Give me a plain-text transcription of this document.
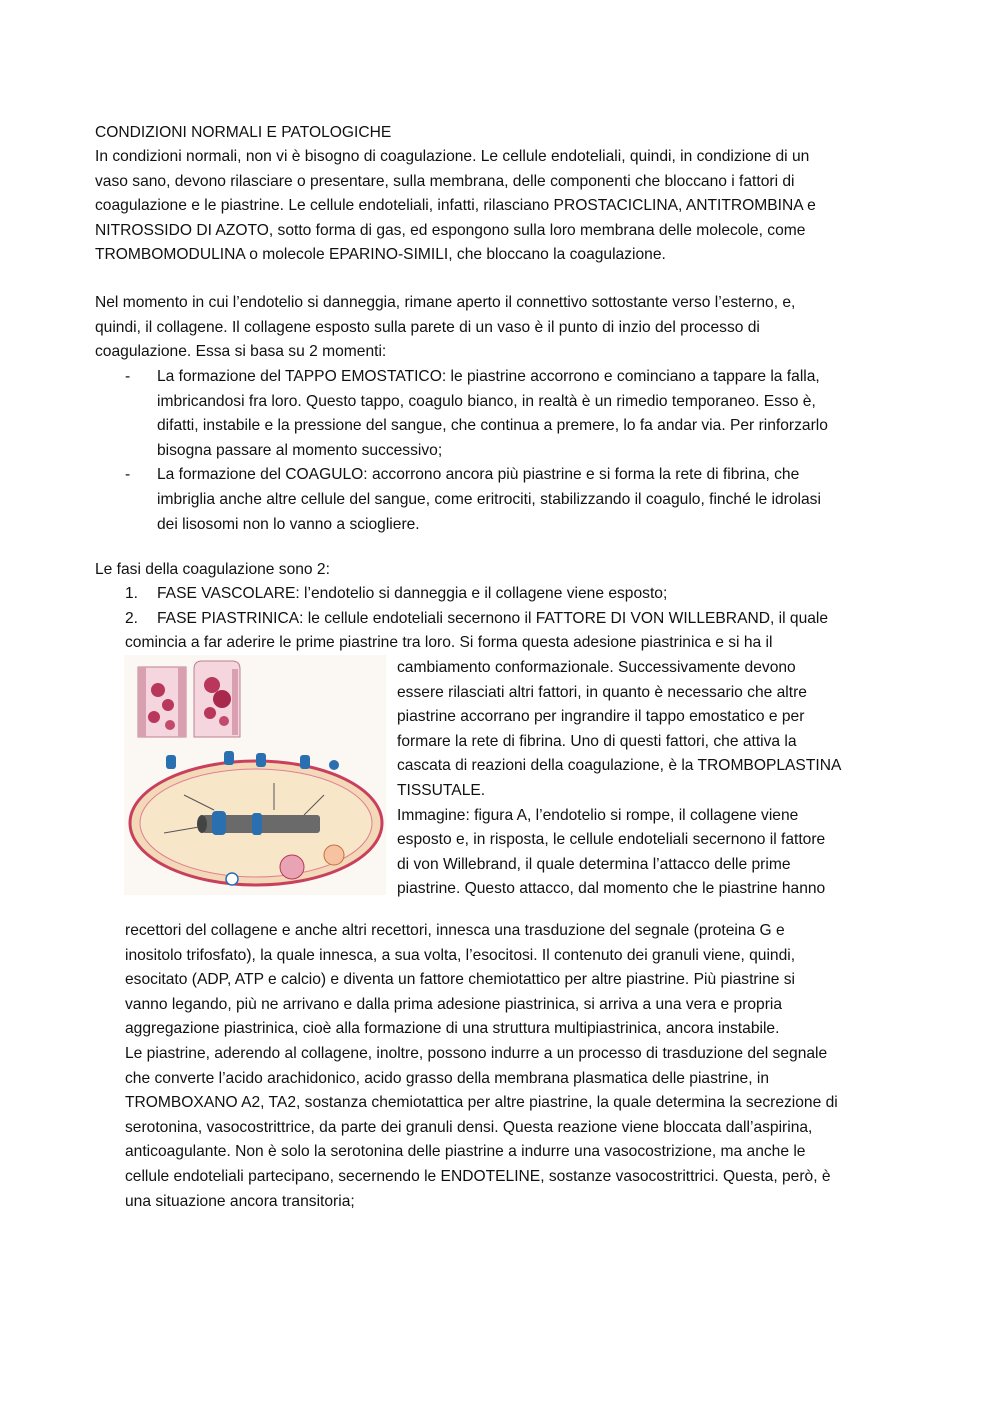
CONDIZIONI NORMALI E PATOLOGICHE
In condizioni normali, non vi è bisogno di coagulazione. Le cellule endoteliali, quindi, in condizione di un
vaso sano, devono rilasciare o presentare, sulla membrana, delle componenti che bloccano i fattori di
coagulazione e le piastrine. Le cellule endoteliali, infatti, rilasciano PROSTACICLINA, ANTITROMBINA e
NITROSSIDO DI AZOTO, sotto forma di gas, ed espongono sulla loro membrana delle molecole, come
TROMBOMODULINA o molecole EPARINO-SIMILI, che bloccano la coagulazione.
Nel momento in cui l’endotelio si danneggia, rimane aperto il connettivo sottostante verso l’esterno, e,
quindi, il collagene. Il collagene esposto sulla parete di un vaso è il punto di inzio del processo di
coagulazione. Essa si basa su 2 momenti:
- La formazione del TAPPO EMOSTATICO: le piastrine accorrono e cominciano a tappare la falla,
imbricandosi fra loro. Questo tappo, coagulo bianco, in realtà è un rimedio temporaneo. Esso è,
difatti, instabile e la pressione del sangue, che continua a premere, lo fa andar via. Per rinforzarlo
bisogna passare al momento successivo;
- La formazione del COAGULO: accorrono ancora più piastrine e si forma la rete di fibrina, che
imbriglia anche altre cellule del sangue, come eritrociti, stabilizzando il coagulo, finché le idrolasi
dei lisosomi non lo vanno a sciogliere.
Le fasi della coagulazione sono 2:
1. FASE VASCOLARE: l’endotelio si danneggia e il collagene viene esposto;
2. FASE PIASTRINICA: le cellule endoteliali secernono il FATTORE DI VON WILLEBRAND, il quale
comincia a far aderire le prime piastrine tra loro. Si forma questa adesione piastrinica e si ha il
cambiamento conformazionale. Successivamente devono
essere rilasciati altri fattori, in quanto è necessario che altre
piastrine accorrano per ingrandire il tappo emostatico e per
formare la rete di fibrina. Uno di questi fattori, che attiva la
cascata di reazioni della coagulazione, è la TROMBOPLASTINA
TISSUTALE.
Immagine: figura A, l’endotelio si rompe, il collagene viene
esposto e, in risposta, le cellule endoteliali secernono il fattore
di von Willebrand, il quale determina l’attacco delle prime
piastrine. Questo attacco, dal momento che le piastrine hanno
recettori del collagene e anche altri recettori, innesca una trasduzione del segnale (proteina G e
inositolo trifosfato), la quale innesca, a sua volta, l’esocitosi. Il contenuto dei granuli viene, quindi,
esocitato (ADP, ATP e calcio) e diventa un fattore chemiotattico per altre piastrine. Più piastrine si
vanno legando, più ne arrivano e dalla prima adesione piastrinica, si arriva a una vera e propria
aggregazione piastrinica, cioè alla formazione di una struttura multipiastrinica, ancora instabile.
Le piastrine, aderendo al collagene, inoltre, possono indurre a un processo di trasduzione del segnale
che converte l’acido arachidonico, acido grasso della membrana plasmatica delle piastrine, in
TROMBOXANO A2, TA2, sostanza chemiotattica per altre piastrine, la quale determina la secrezione di
serotonina, vasocostrittrice, da parte dei granuli densi. Questa reazione viene bloccata dall’aspirina,
anticoagulante. Non è solo la serotonina delle piastrine a indurre una vasocostrizione, ma anche le
cellule endoteliali partecipano, secernendo le ENDOTELINE, sostanze vasocostrittrici. Questa, però, è
una situazione ancora transitoria;
